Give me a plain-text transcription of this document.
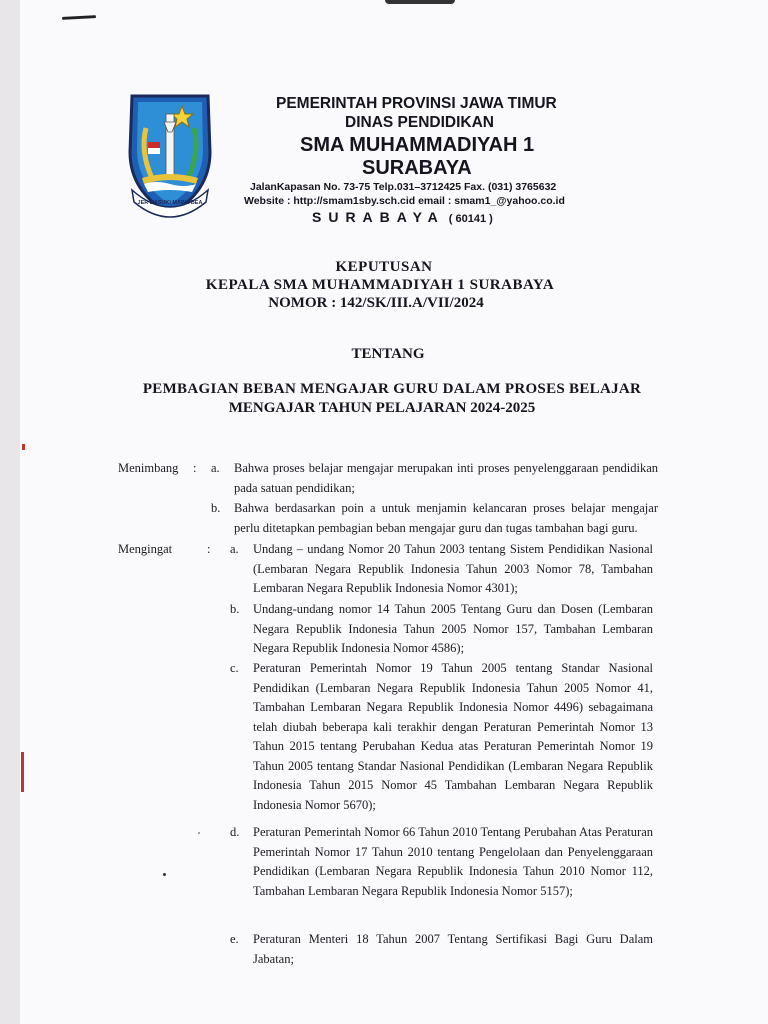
JER BASUKI MAWA BEA
PEMERINTAH PROVINSI JAWA TIMUR
DINAS PENDIDIKAN
SMA MUHAMMADIYAH 1
SURABAYA
JalanKapasan No. 73-75 Telp.031–3712425 Fax. (031) 3765632
Website : http://smam1sby.sch.cid email : smam1_@yahoo.co.id
SURABAYA ( 60141 )
KEPUTUSAN
KEPALA SMA MUHAMMADIYAH 1 SURABAYA
NOMOR : 142/SK/III.A/VII/2024
TENTANG
PEMBAGIAN BEBAN MENGAJAR GURU DALAM PROSES BELAJAR
MENGAJAR TAHUN PELAJARAN 2024-2025
Menimbang : a. Bahwa proses belajar mengajar merupakan inti proses penyelenggaraan pendidikan pada satuan pendidikan;
b. Bahwa berdasarkan poin a untuk menjamin kelancaran proses belajar mengajar perlu ditetapkan pembagian beban mengajar guru dan tugas tambahan bagi guru.
Mengingat	: a. Undang – undang Nomor 20 Tahun 2003 tentang Sistem Pendidikan Nasional (Lembaran Negara Republik Indonesia Tahun 2003 Nomor 78, Tambahan Lembaran Negara Republik Indonesia Nomor 4301);
b. Undang-undang nomor 14 Tahun 2005 Tentang Guru dan Dosen (Lembaran Negara Republik Indonesia Tahun 2005 Nomor 157, Tambahan Lembaran Negara Republik Indonesia Nomor 4586);
c. Peraturan Pemerintah Nomor 19 Tahun 2005 tentang Standar Nasional Pendidikan (Lembaran Negara Republik Indonesia Tahun 2005 Nomor 41, Tambahan Lembaran Negara Republik Indonesia Nomor 4496) sebagaimana telah diubah beberapa kali terakhir dengan Peraturan Pemerintah Nomor 13 Tahun 2015 tentang Perubahan Kedua atas Peraturan Pemerintah Nomor 19 Tahun 2005 tentang Standar Nasional Pendidikan (Lembaran Negara Republik Indonesia Tahun 2015 Nomor 45 Tambahan Lembaran Negara Republik Indonesia Nomor 5670);
d. Peraturan Pemerintah Nomor 66 Tahun 2010 Tentang Perubahan Atas Peraturan Pemerintah Nomor 17 Tahun 2010 tentang Pengelolaan dan Penyelenggaraan Pendidikan (Lembaran Negara Republik Indonesia Tahun 2010 Nomor 112, Tambahan Lembaran Negara Republik Indonesia Nomor 5157);
e. Peraturan Menteri 18 Tahun 2007 Tentang Sertifikasi Bagi Guru Dalam Jabatan;
